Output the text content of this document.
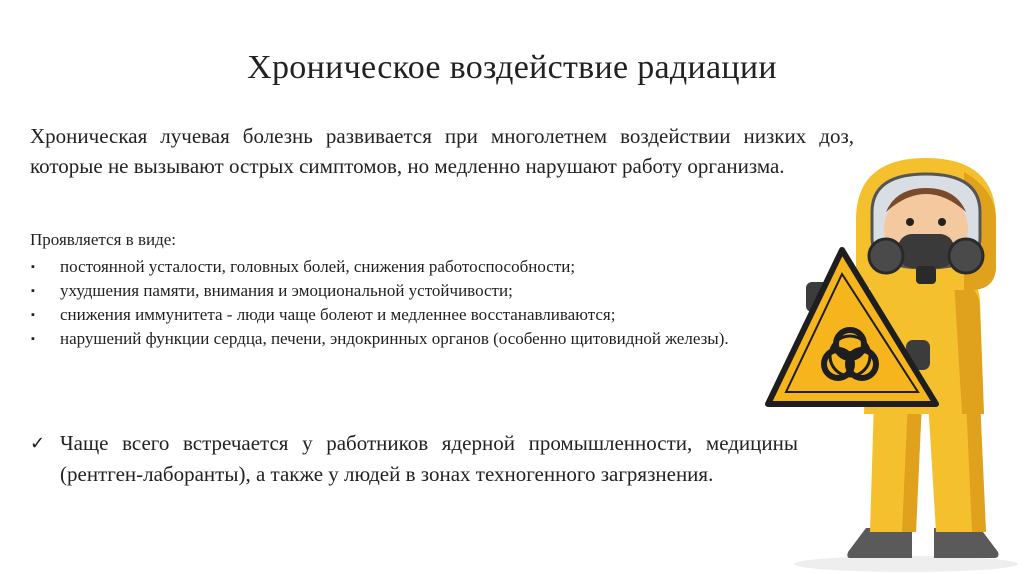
Хроническое воздействие радиации

Хроническая лучевая болезнь развивается при многолетнем воздействии низких доз, которые не вызывают острых симптомов, но медленно нарушают работу организма.

Проявляется в виде:
▪ постоянной усталости, головных болей, снижения работоспособности;
▪ ухудшения памяти, внимания и эмоциональной устойчивости;
▪ снижения иммунитета - люди чаще болеют и медленнее восстанавливаются;
▪ нарушений функции сердца, печени, эндокринных органов (особенно щитовидной железы).
✓ Чаще всего встречается у работников ядерной промышленности, медицины (рентген-лаборанты), а также у людей в зонах техногенного загрязнения.
